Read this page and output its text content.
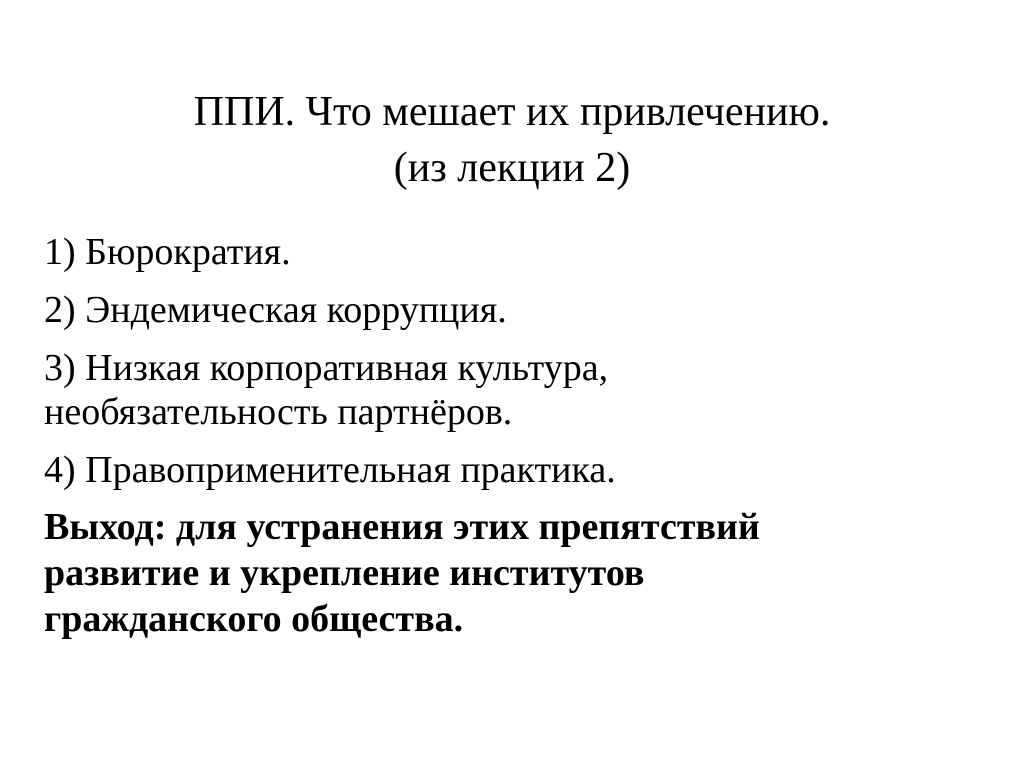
ППИ. Что мешает их привлечению.
(из лекции 2)
1) Бюрократия.
2) Эндемическая коррупция.
3) Низкая корпоративная культура,
необязательность партнёров.
4) Правоприменительная практика.
Выход: для устранения этих препятствий
развитие и укрепление институтов
гражданского общества.
